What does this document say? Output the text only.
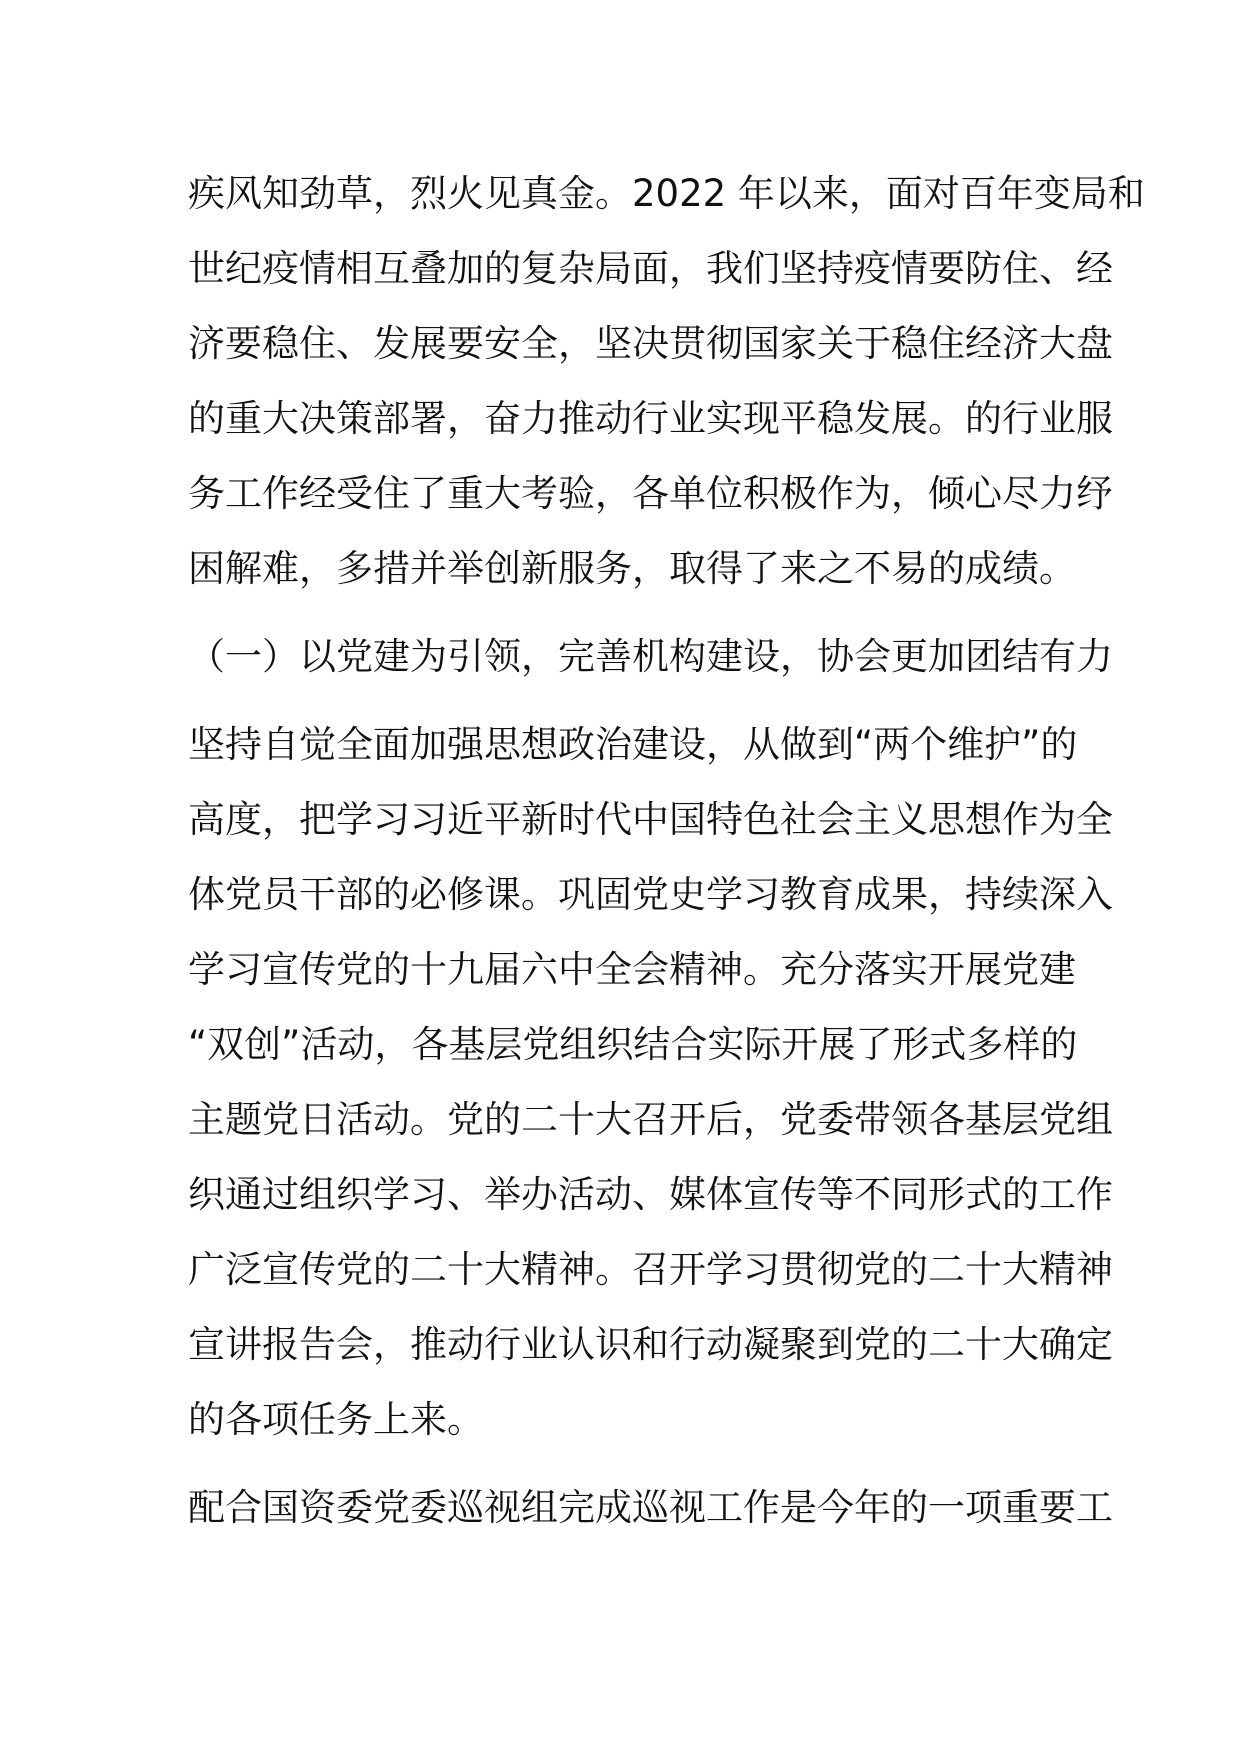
疾风知劲草，烈火见真金。2022 年以来，面对百年变局和
世纪疫情相互叠加的复杂局面，我们坚持疫情要防住、经
济要稳住、发展要安全，坚决贯彻国家关于稳住经济大盘
的重大决策部署，奋力推动行业实现平稳发展。的行业服
务工作经受住了重大考验，各单位积极作为，倾心尽力纾
困解难，多措并举创新服务，取得了来之不易的成绩。
（一）以党建为引领，完善机构建设，协会更加团结有力
坚持自觉全面加强思想政治建设，从做到“两个维护”的
高度，把学习习近平新时代中国特色社会主义思想作为全
体党员干部的必修课。巩固党史学习教育成果，持续深入
学习宣传党的十九届六中全会精神。充分落实开展党建
“双创”活动，各基层党组织结合实际开展了形式多样的
主题党日活动。党的二十大召开后，党委带领各基层党组
织通过组织学习、举办活动、媒体宣传等不同形式的工作
广泛宣传党的二十大精神。召开学习贯彻党的二十大精神
宣讲报告会，推动行业认识和行动凝聚到党的二十大确定
的各项任务上来。
配合国资委党委巡视组完成巡视工作是今年的一项重要工
